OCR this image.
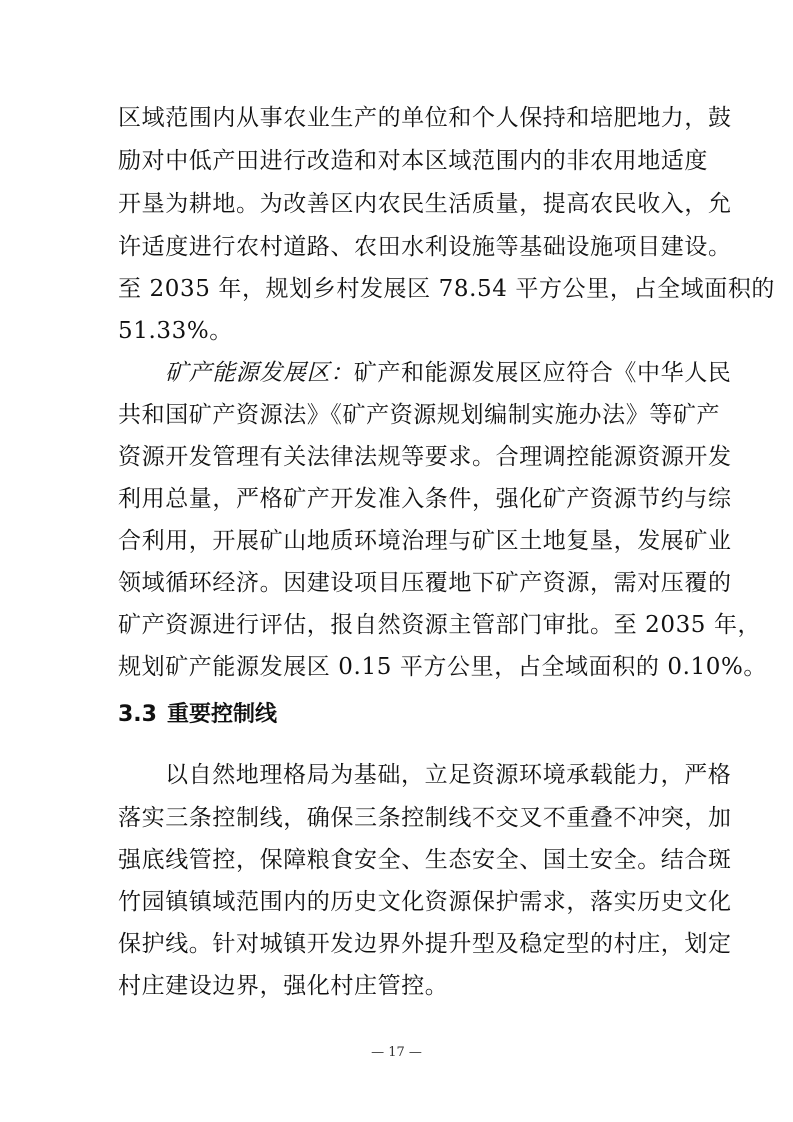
区域范围内从事农业生产的单位和个人保持和培肥地力，鼓
励对中低产田进行改造和对本区域范围内的非农用地适度
开垦为耕地。为改善区内农民生活质量，提高农民收入，允
许适度进行农村道路、农田水利设施等基础设施项目建设。
至 2035 年，规划乡村发展区 78.54 平方公里，占全域面积的
51.33%。
矿产能源发展区：矿产和能源发展区应符合《中华人民
共和国矿产资源法》《矿产资源规划编制实施办法》等矿产
资源开发管理有关法律法规等要求。合理调控能源资源开发
利用总量，严格矿产开发准入条件，强化矿产资源节约与综
合利用，开展矿山地质环境治理与矿区土地复垦，发展矿业
领域循环经济。因建设项目压覆地下矿产资源，需对压覆的
矿产资源进行评估，报自然资源主管部门审批。至 2035 年，
规划矿产能源发展区 0.15 平方公里，占全域面积的 0.10%。
3.3 重要控制线
以自然地理格局为基础，立足资源环境承载能力，严格
落实三条控制线，确保三条控制线不交叉不重叠不冲突，加
强底线管控，保障粮食安全、生态安全、国土安全。结合斑
竹园镇镇域范围内的历史文化资源保护需求，落实历史文化
保护线。针对城镇开发边界外提升型及稳定型的村庄，划定
村庄建设边界，强化村庄管控。
— 17 —
